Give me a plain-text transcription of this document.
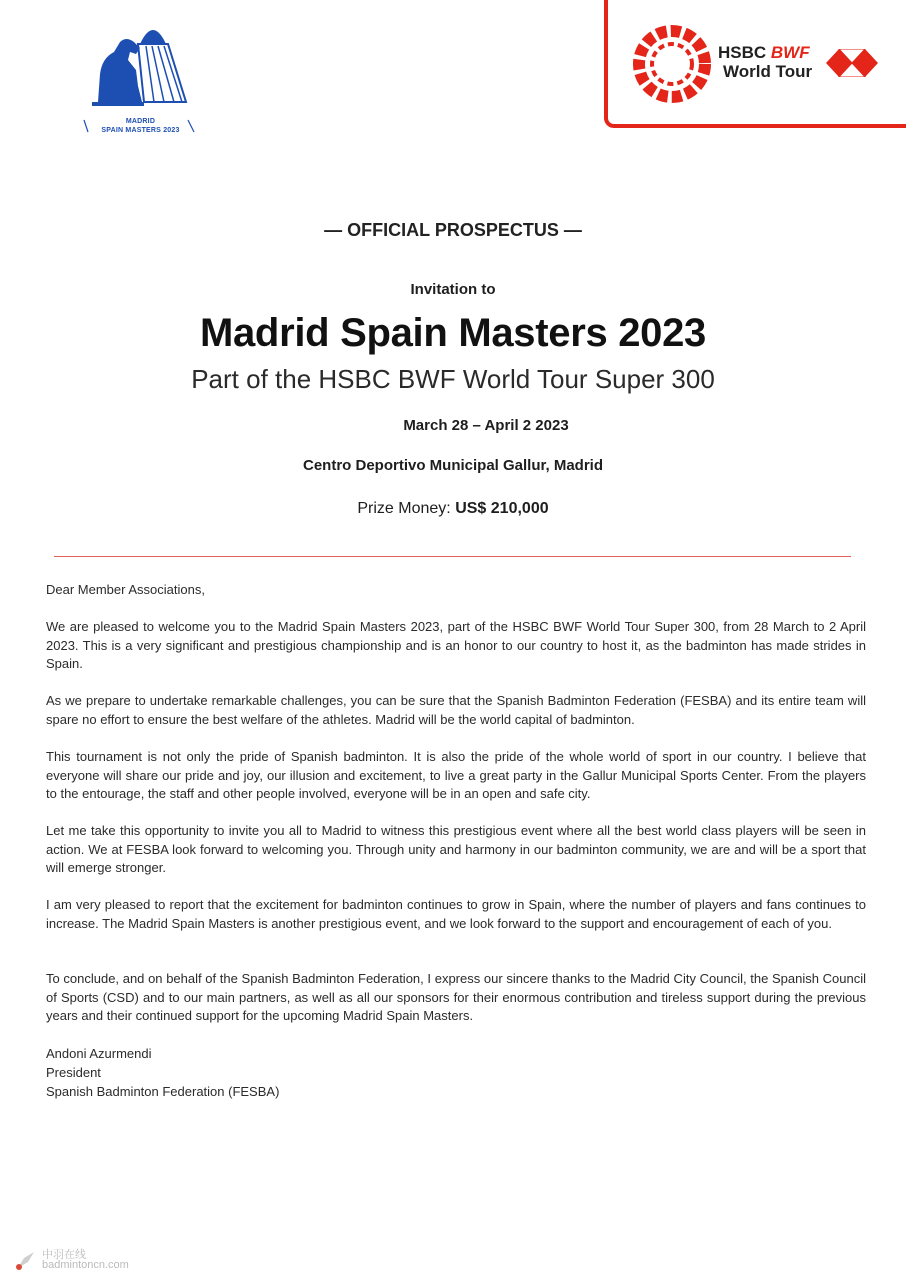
MADRID
SPAIN MASTERS 2023
HSBC BWF
World Tour
— OFFICIAL PROSPECTUS —
Invitation to
Madrid Spain Masters 2023
Part of the HSBC BWF World Tour Super 300
March 28 – April 2 2023
Centro Deportivo Municipal Gallur, Madrid
Prize Money: US$ 210,000

Dear Member Associations,

We are pleased to welcome you to the Madrid Spain Masters 2023, part of the HSBC BWF World Tour Super 300, from 28 March to 2 April 2023. This is a very significant and prestigious championship and is an honor to our country to host it, as the badminton has made strides in Spain.

As we prepare to undertake remarkable challenges, you can be sure that the Spanish Badminton Federation (FESBA) and its entire team will spare no effort to ensure the best welfare of the athletes. Madrid will be the world capital of badminton.

This tournament is not only the pride of Spanish badminton. It is also the pride of the whole world of sport in our country. I believe that everyone will share our pride and joy, our illusion and excitement, to live a great party in the Gallur Municipal Sports Center. From the players to the entourage, the staff and other people involved, everyone will be in an open and safe city.

Let me take this opportunity to invite you all to Madrid to witness this prestigious event where all the best world class players will be seen in action. We at FESBA look forward to welcoming you. Through unity and harmony in our badminton community, we are and will be a sport that will emerge stronger.

I am very pleased to report that the excitement for badminton continues to grow in Spain, where the number of players and fans continues to increase. The Madrid Spain Masters is another prestigious event, and we look forward to the support and encouragement of each of you.

To conclude, and on behalf of the Spanish Badminton Federation, I express our sincere thanks to the Madrid City Council, the Spanish Council of Sports (CSD) and to our main partners, as well as all our sponsors for their enormous contribution and tireless support during the previous years and their continued support for the upcoming Madrid Spain Masters.

Andoni Azurmendi
President
Spanish Badminton Federation (FESBA)
中羽在线
badmintoncn.com
